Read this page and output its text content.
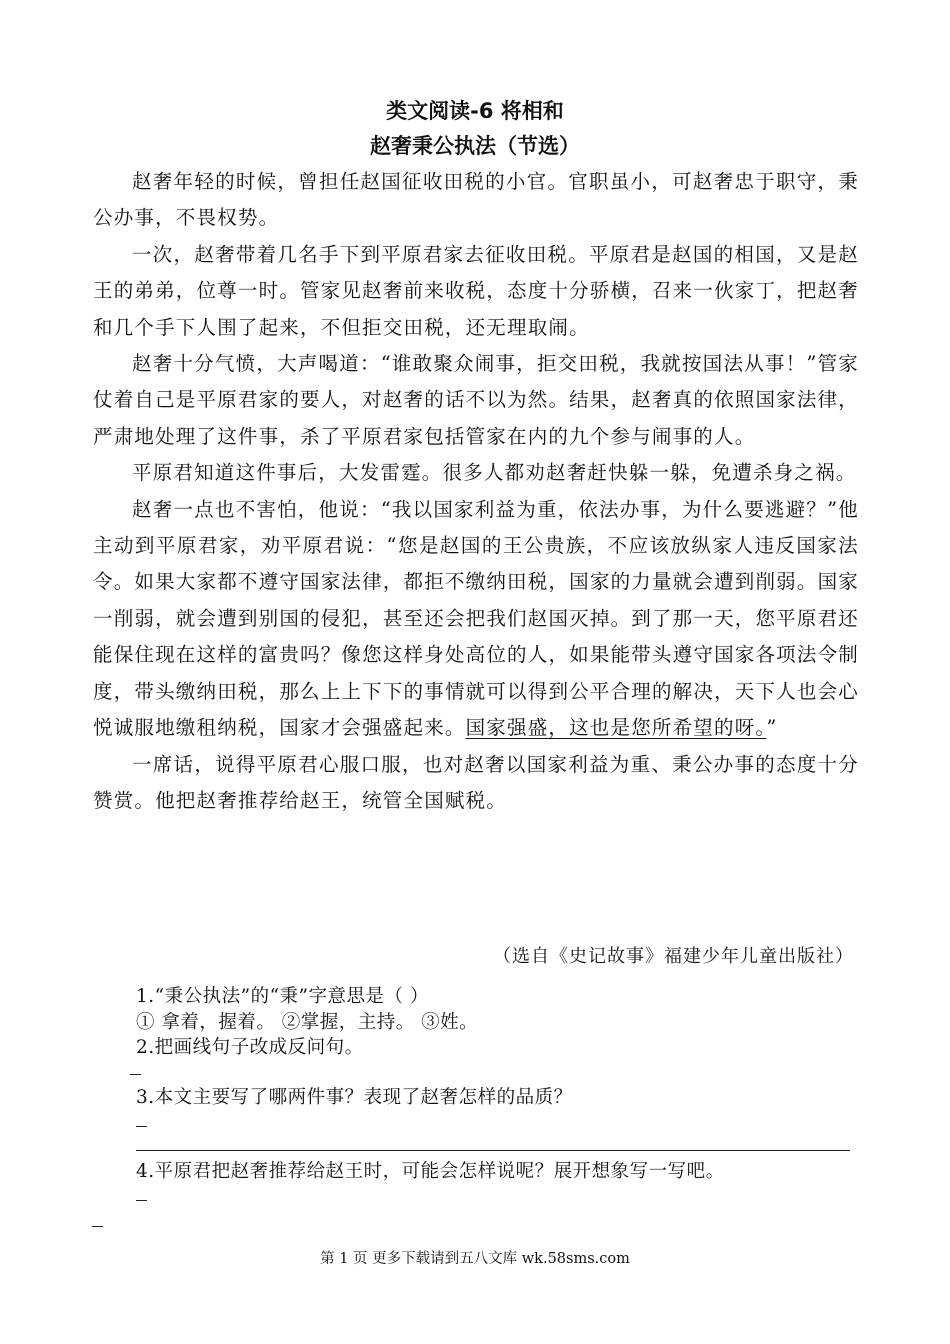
类文阅读-6 将相和
赵奢秉公执法（节选）

赵奢年轻的时候，曾担任赵国征收田税的小官。官职虽小，可赵奢忠于职守，秉公办事，不畏权势。

一次，赵奢带着几名手下到平原君家去征收田税。平原君是赵国的相国，又是赵王的弟弟，位尊一时。管家见赵奢前来收税，态度十分骄横，召来一伙家丁，把赵奢和几个手下人围了起来，不但拒交田税，还无理取闹。

赵奢十分气愤，大声喝道：“谁敢聚众闹事，拒交田税，我就按国法从事！”管家仗着自己是平原君家的要人，对赵奢的话不以为然。结果，赵奢真的依照国家法律，严肃地处理了这件事，杀了平原君家包括管家在内的九个参与闹事的人。

平原君知道这件事后，大发雷霆。很多人都劝赵奢赶快躲一躲，免遭杀身之祸。

赵奢一点也不害怕，他说：“我以国家利益为重，依法办事，为什么要逃避？”他主动到平原君家，劝平原君说：“您是赵国的王公贵族，不应该放纵家人违反国家法令。如果大家都不遵守国家法律，都拒不缴纳田税，国家的力量就会遭到削弱。国家一削弱，就会遭到别国的侵犯，甚至还会把我们赵国灭掉。到了那一天，您平原君还能保住现在这样的富贵吗？像您这样身处高位的人，如果能带头遵守国家各项法令制度，带头缴纳田税，那么上上下下的事情就可以得到公平合理的解决，天下人也会心悦诚服地缴租纳税，国家才会强盛起来。国家强盛，这也是您所希望的呀。”

一席话，说得平原君心服口服，也对赵奢以国家利益为重、秉公办事的态度十分赞赏。他把赵奢推荐给赵王，统管全国赋税。

（选自《史记故事》福建少年儿童出版社）
1.“秉公执法”的“秉”字意思是（ ）
① 拿着，握着。 ②掌握，主持。 ③姓。
2.把画线句子改成反问句。
3.本文主要写了哪两件事？表现了赵奢怎样的品质？
4.平原君把赵奢推荐给赵王时，可能会怎样说呢？展开想象写一写吧。
第 1 页 更多下载请到五八文库 wk.58sms.com
